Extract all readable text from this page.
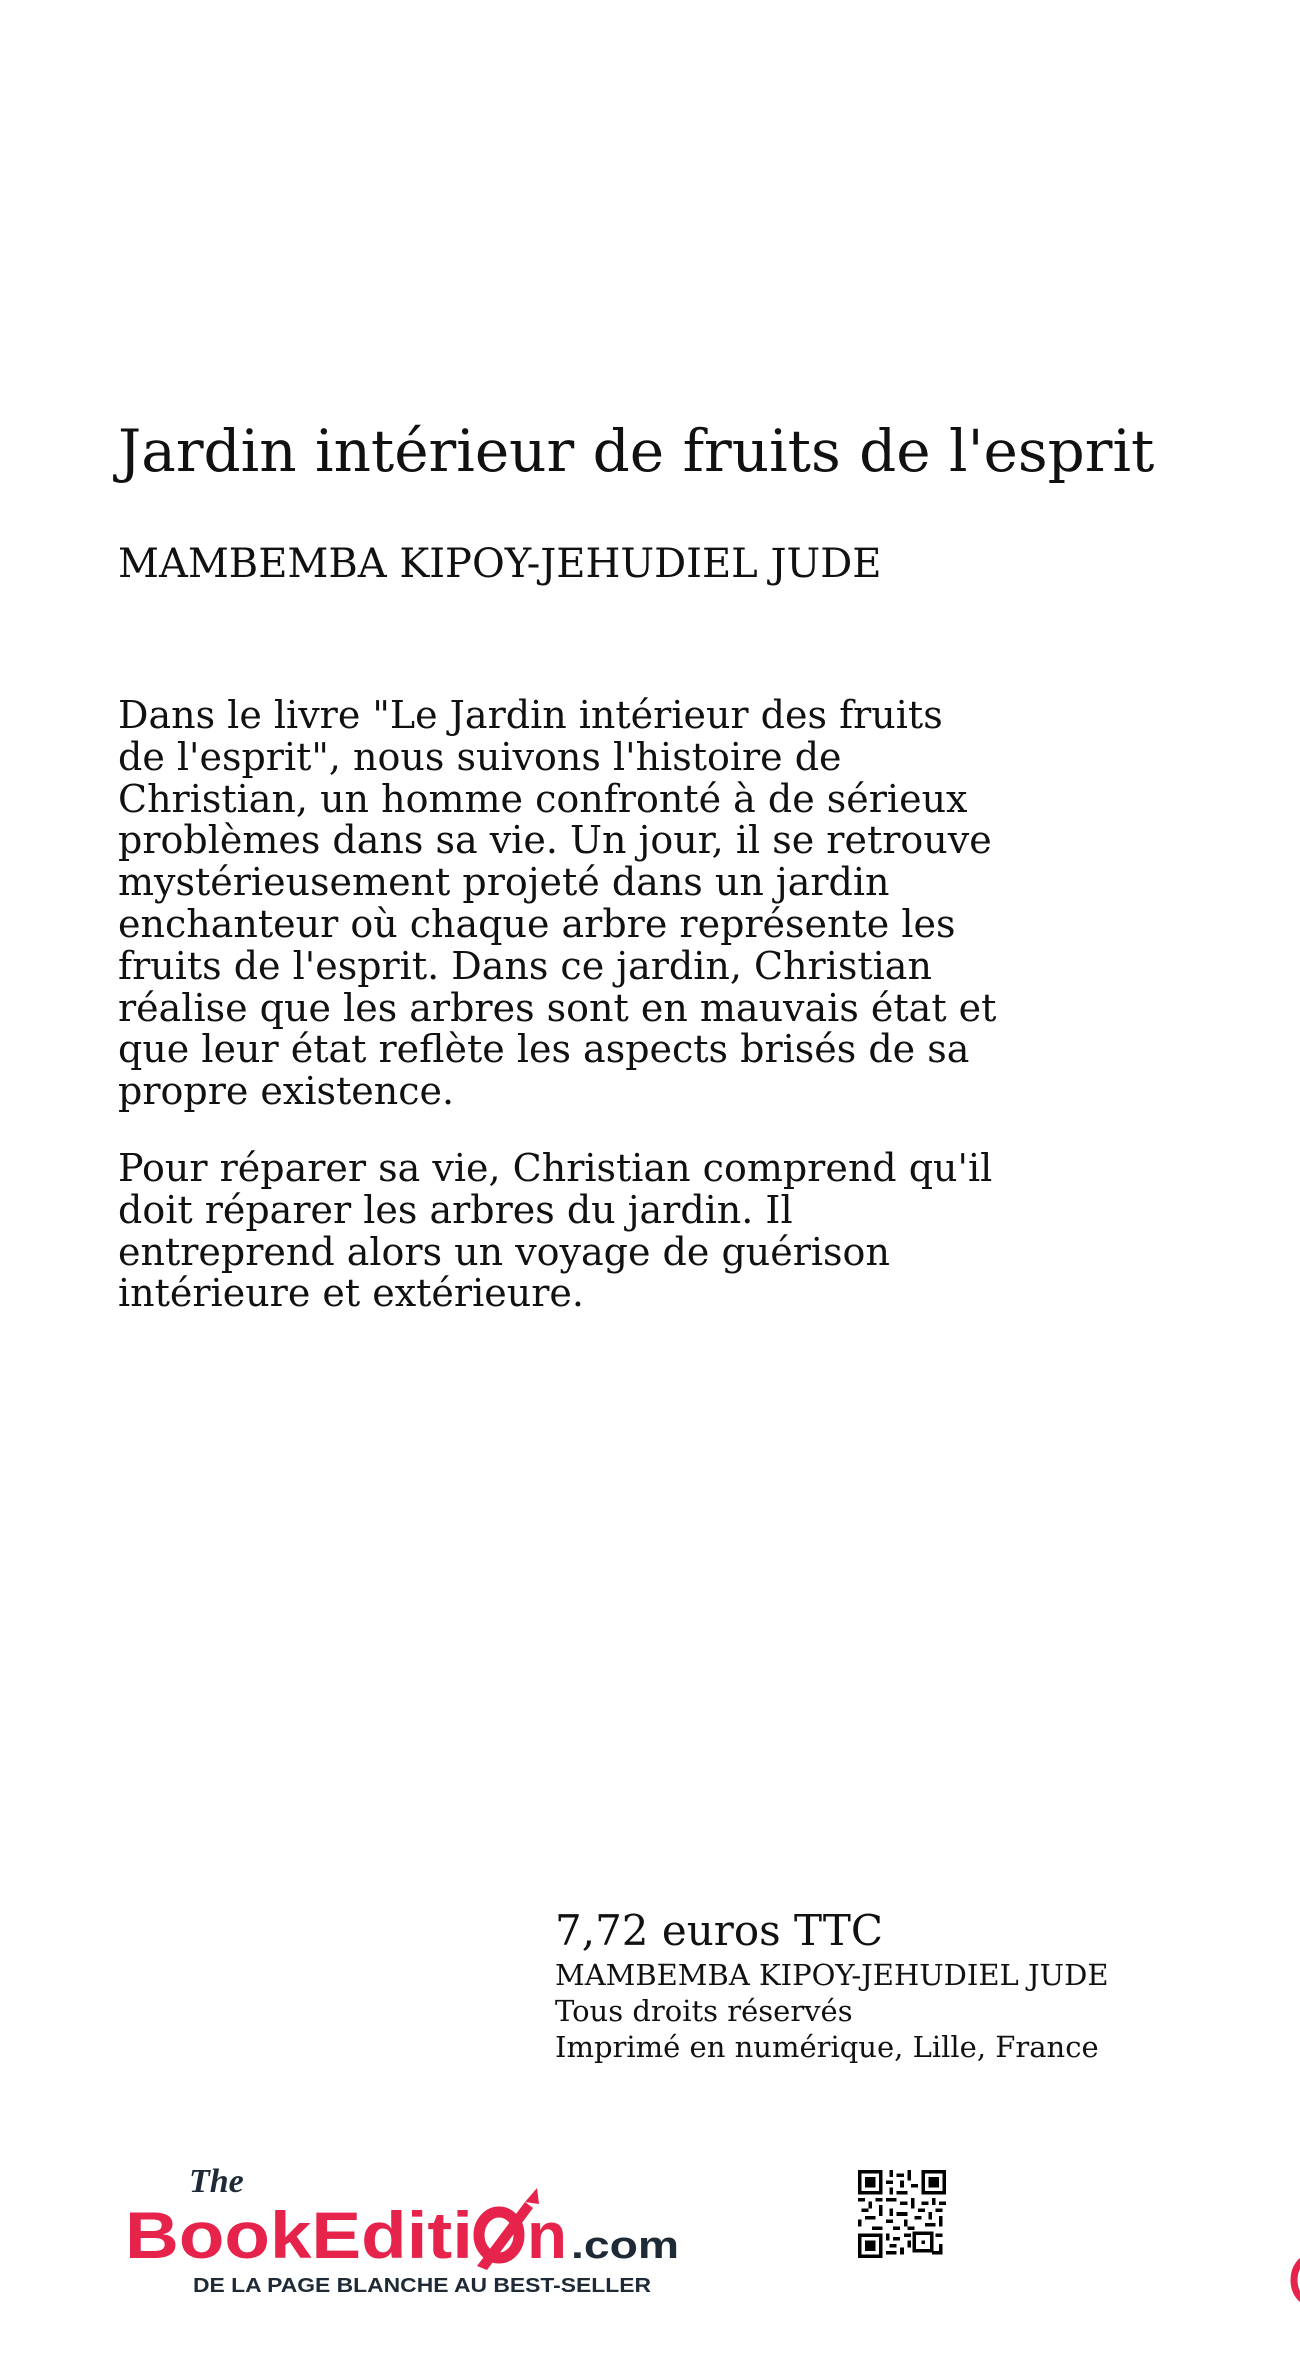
Jardin intérieur de fruits de l'esprit
MAMBEMBA KIPOY-JEHUDIEL JUDE

Dans le livre "Le Jardin intérieur des fruits de l'esprit", nous suivons l'histoire de Christian, un homme confronté à de sérieux problèmes dans sa vie. Un jour, il se retrouve mystérieusement projeté dans un jardin enchanteur où chaque arbre représente les fruits de l'esprit. Dans ce jardin, Christian réalise que les arbres sont en mauvais état et que leur état reflète les aspects brisés de sa propre existence.

Pour réparer sa vie, Christian comprend qu'il doit réparer les arbres du jardin. Il entreprend alors un voyage de guérison intérieure et extérieure.

7,72 euros TTC
MAMBEMBA KIPOY-JEHUDIEL JUDE
Tous droits réservés
Imprimé en numérique, Lille, France
The
BookEditi n .com
DE LA PAGE BLANCHE AU BEST-SELLER
